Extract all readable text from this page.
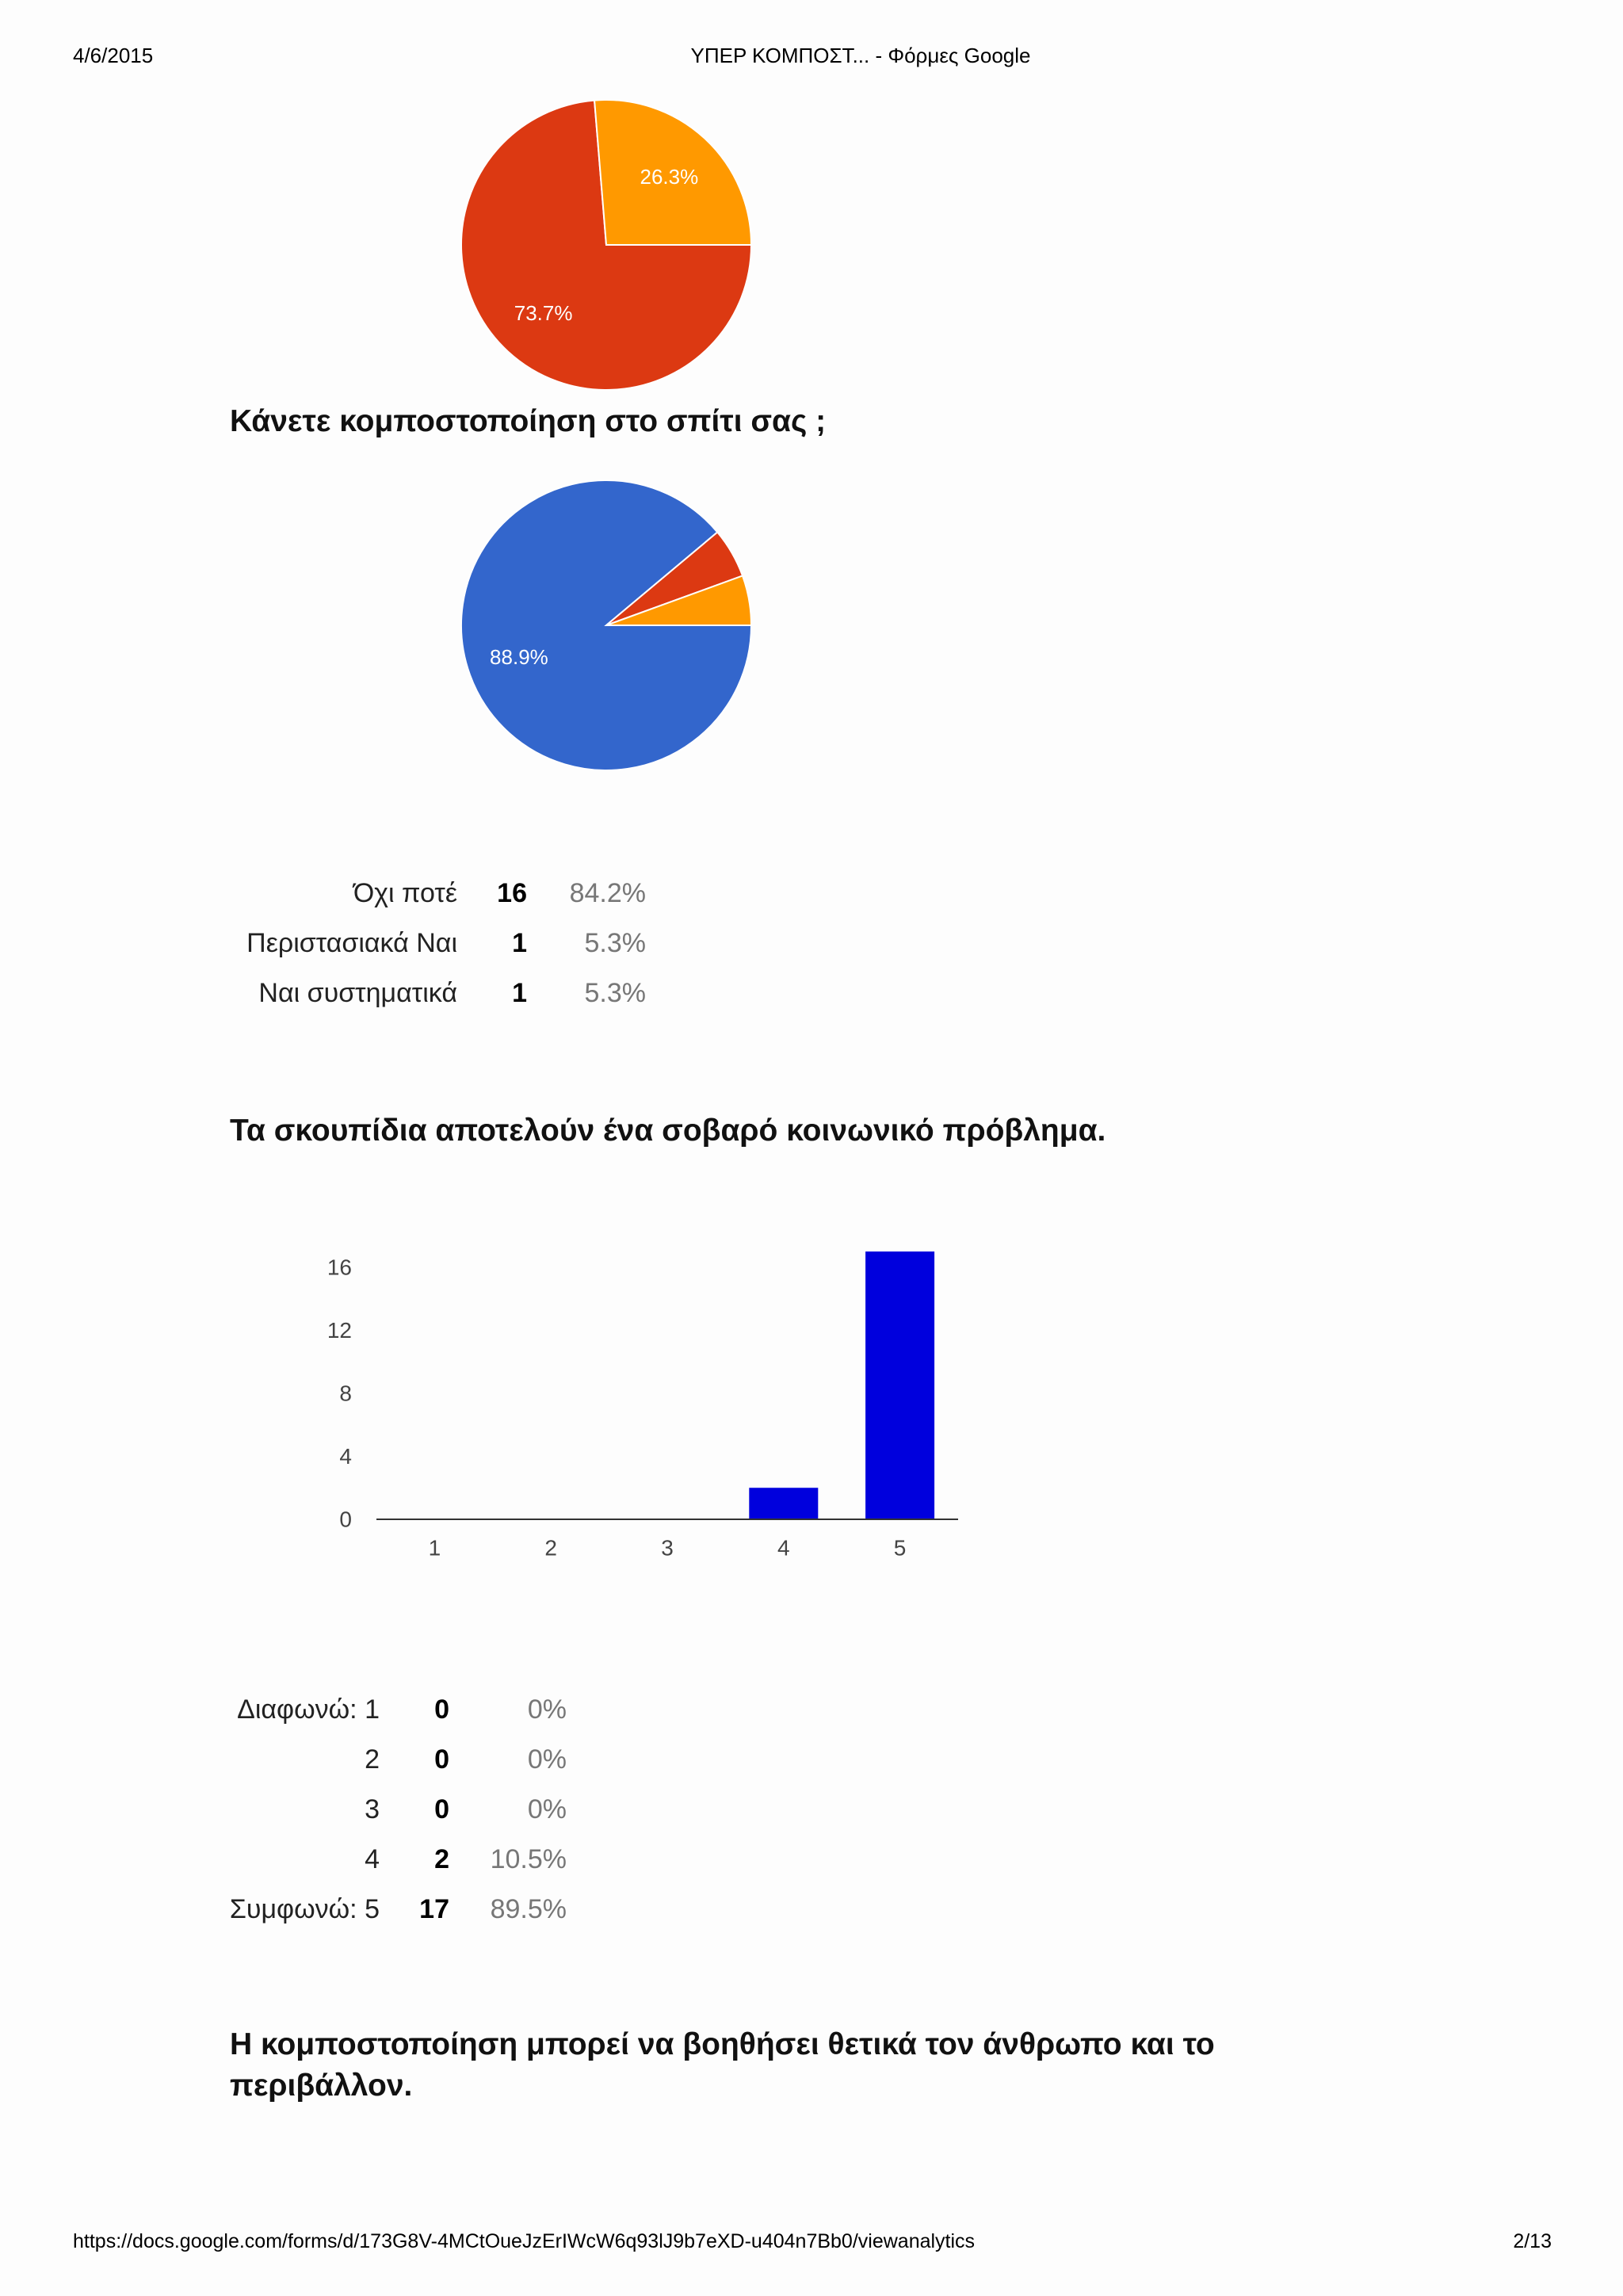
4/6/2015	ΥΠΕΡ ΚΟΜΠΟΣΤ... - Φόρμες Google
73.7%
26.3%
Κάνετε κομποστοποίηση στο σπίτι σας ;
88.9%
Όχι ποτέ 16 84.2%
Περιστασιακά Ναι 1 5.3%
Ναι συστηματικά 1 5.3%
Τα σκουπίδια αποτελούν ένα σοβαρό κοινωνικό πρόβλημα.
0
4
8
12
16
1	2	3	4	5
Διαφωνώ: 1 0	0%
2 0	0%
3 0	0%
4 2 10.5%
Συμφωνώ: 5 17 89.5%
Η κομποστοποίηση μπορεί να βοηθήσει θετικά τον άνθρωπο και το περιβάλλον.
https://docs.google.com/forms/d/173G8V-4MCtOueJzErIWcW6q93lJ9b7eXD-u404n7Bb0/viewanalytics	2/13
